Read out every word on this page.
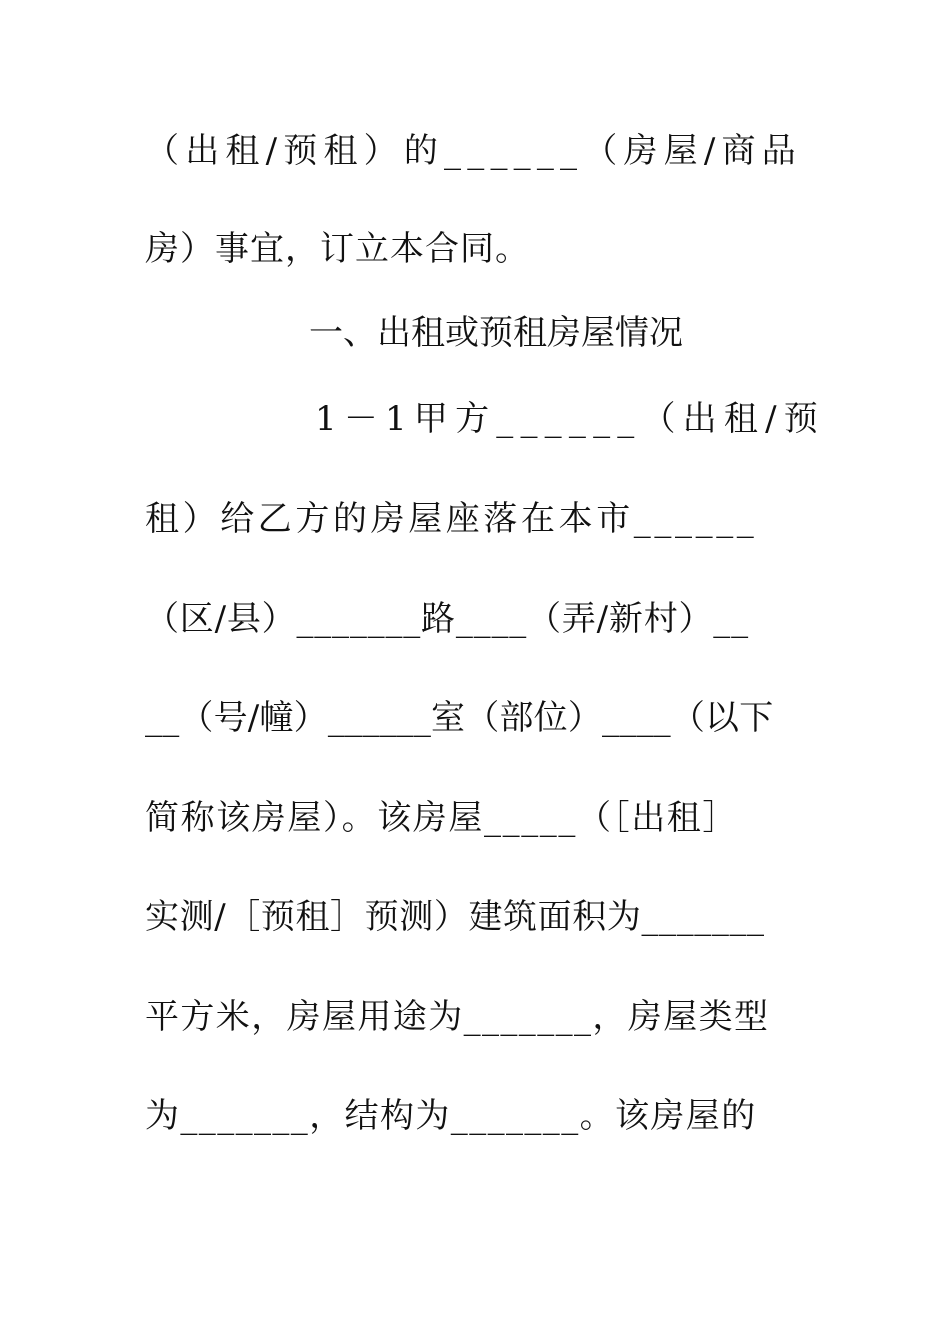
（出租/预租）的______（房屋/商品
房）事宜，订立本合同。
一、出租或预租房屋情况
1－1甲方______（出租/预
租）给乙方的房屋座落在本市______
（区/县）_______路____（弄/新村）__
__（号/幢）______室（部位）____（以下
简称该房屋）。该房屋_____（［出租］
实测/［预租］预测）建筑面积为_______
平方米，房屋用途为_______，房屋类型
为_______，结构为_______。该房屋的
